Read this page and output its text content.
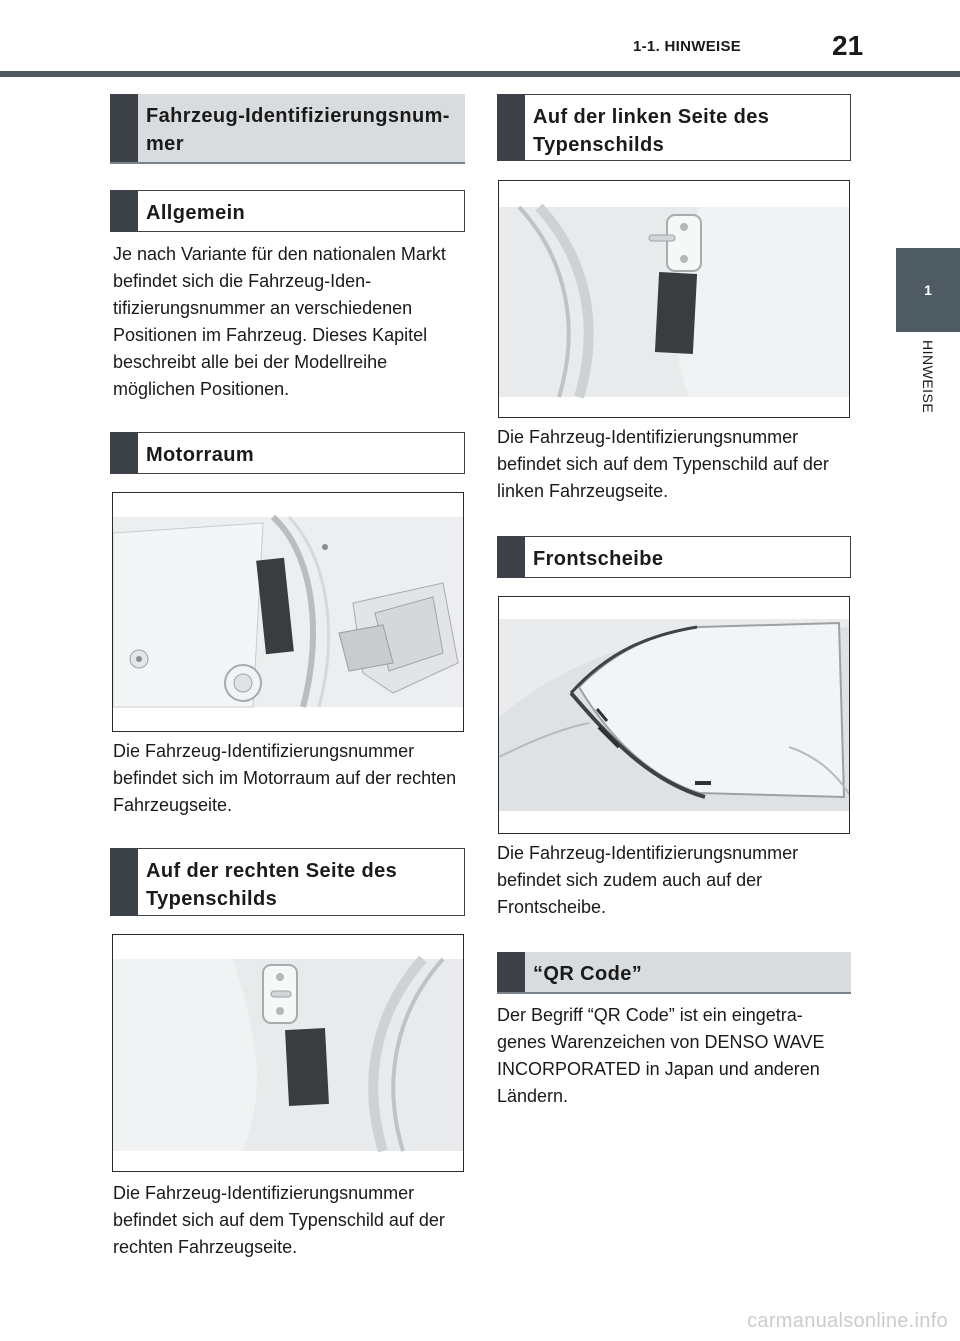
1-1. HINWEISE	21
1
HINWEISE
Fahrzeug-Identifizierungsnum-
mer
Allgemein
Je nach Variante für den nationalen Markt befindet sich die Fahrzeug-Iden-tifizierungsnummer an verschiedenen Positionen im Fahrzeug. Dieses Kapitel beschreibt alle bei der Modellreihe möglichen Positionen.
Motorraum
Die Fahrzeug-Identifizierungsnummer befindet sich im Motorraum auf der rechten Fahrzeugseite.
Auf der rechten Seite des
Typenschilds
Die Fahrzeug-Identifizierungsnummer befindet sich auf dem Typenschild auf der rechten Fahrzeugseite.
Auf der linken Seite des
Typenschilds
Die Fahrzeug-Identifizierungsnummer befindet sich auf dem Typenschild auf der linken Fahrzeugseite.
Frontscheibe
Die Fahrzeug-Identifizierungsnummer befindet sich zudem auch auf der Frontscheibe.
“QR Code”
Der Begriff “QR Code” ist ein eingetra-genes Warenzeichen von DENSO WAVE INCORPORATED in Japan und anderen Ländern.
carmanualsonline.info
